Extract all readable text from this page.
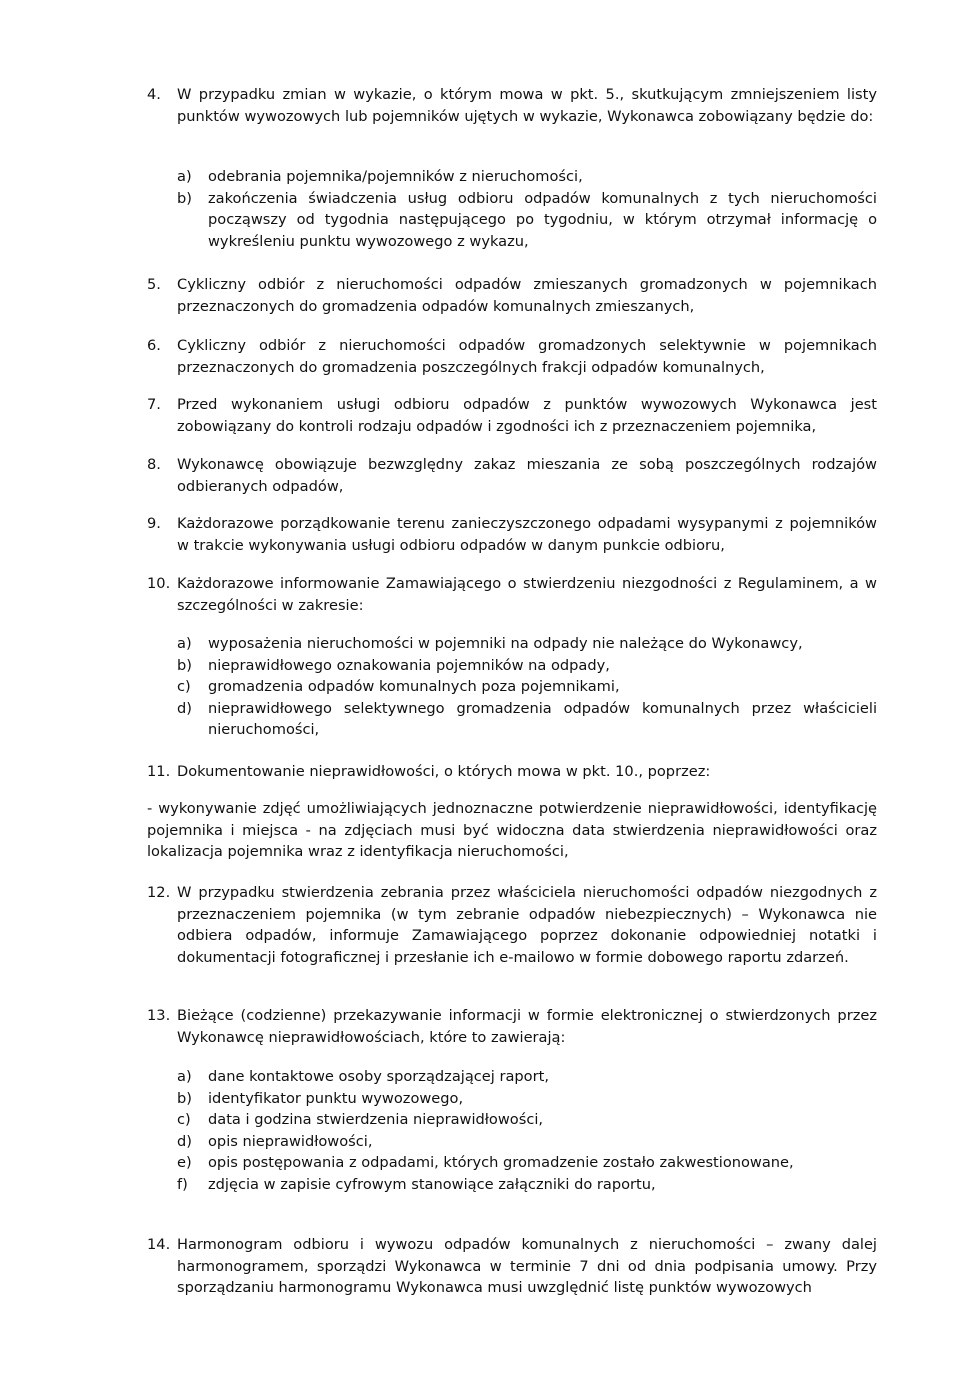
4.	W przypadku zmian w wykazie, o którym mowa w pkt. 5., skutkującym zmniejszeniem listy punktów wywozowych lub pojemników ujętych w wykazie, Wykonawca zobowiązany będzie do:
a)	odebrania pojemnika/pojemników z nieruchomości,
b)	zakończenia świadczenia usług odbioru odpadów komunalnych z tych nieruchomości począwszy od tygodnia następującego po tygodniu, w którym otrzymał informację o wykreśleniu punktu wywozowego z wykazu,
5.	Cykliczny odbiór z nieruchomości odpadów zmieszanych gromadzonych w pojemnikach przeznaczonych do gromadzenia odpadów komunalnych zmieszanych,
6.	Cykliczny odbiór z nieruchomości odpadów gromadzonych selektywnie w pojemnikach przeznaczonych do gromadzenia poszczególnych frakcji odpadów komunalnych,
7.	Przed wykonaniem usługi odbioru odpadów z punktów wywozowych Wykonawca jest zobowiązany do kontroli rodzaju odpadów i zgodności ich z przeznaczeniem pojemnika,
8.	Wykonawcę obowiązuje bezwzględny zakaz mieszania ze sobą poszczególnych rodzajów odbieranych odpadów,
9.	Każdorazowe porządkowanie terenu zanieczyszczonego odpadami wysypanymi z pojemników w trakcie wykonywania usługi odbioru odpadów w danym punkcie odbioru,
10. Każdorazowe informowanie Zamawiającego o stwierdzeniu niezgodności z Regulaminem, a w szczególności w zakresie:
a)	wyposażenia nieruchomości w pojemniki na odpady nie należące do Wykonawcy,
b)	nieprawidłowego oznakowania pojemników na odpady,
c)	gromadzenia odpadów komunalnych poza pojemnikami,
d)	nieprawidłowego selektywnego gromadzenia odpadów komunalnych przez właścicieli nieruchomości,
11. Dokumentowanie nieprawidłowości, o których mowa w pkt. 10., poprzez:
- wykonywanie zdjęć umożliwiających jednoznaczne potwierdzenie nieprawidłowości, identyfikację pojemnika i miejsca - na zdjęciach musi być widoczna data stwierdzenia nieprawidłowości oraz lokalizacja pojemnika wraz z identyfikacja nieruchomości,
12. W przypadku stwierdzenia zebrania przez właściciela nieruchomości odpadów niezgodnych z przeznaczeniem pojemnika (w tym zebranie odpadów niebezpiecznych) – Wykonawca nie odbiera odpadów, informuje Zamawiającego poprzez dokonanie odpowiedniej notatki i dokumentacji fotograficznej i przesłanie ich e-mailowo w formie dobowego raportu zdarzeń.
13. Bieżące (codzienne) przekazywanie informacji w formie elektronicznej o stwierdzonych przez Wykonawcę nieprawidłowościach, które to zawierają:
a)	dane kontaktowe osoby sporządzającej raport,
b)	identyfikator punktu wywozowego,
c)	data i godzina stwierdzenia nieprawidłowości,
d)	opis nieprawidłowości,
e)	opis postępowania z odpadami, których gromadzenie zostało zakwestionowane,
f)	zdjęcia w zapisie cyfrowym stanowiące załączniki do raportu,
14. Harmonogram odbioru i wywozu odpadów komunalnych z nieruchomości – zwany dalej harmonogramem, sporządzi Wykonawca w terminie 7 dni od dnia podpisania umowy. Przy sporządzaniu harmonogramu Wykonawca musi uwzględnić listę punktów wywozowych
